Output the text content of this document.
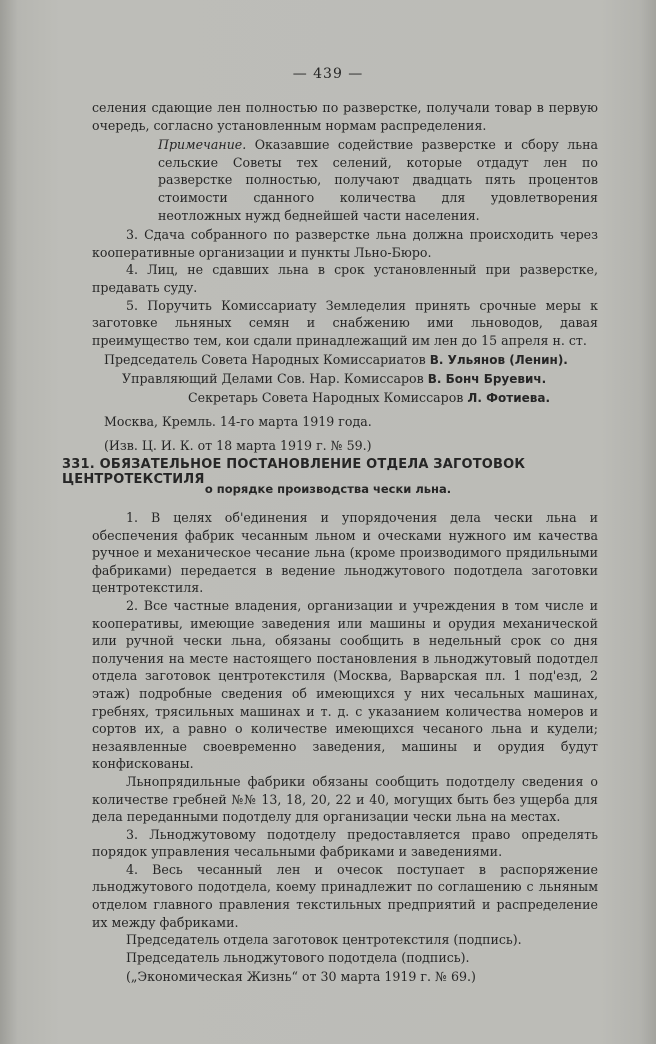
— 439 —

селения сдающие лен полностью по разверстке, получали товар в первую очередь, согласно установленным нормам распределения.

Примечание. Оказавшие содействие разверстке и сбору льна сельские Советы тех селений, которые отдадут лен по разверстке полностью, получают двадцать пять процентов стоимости сданного количества для удовлетворения неотложных нужд беднейшей части населения.

3. Сдача собранного по разверстке льна должна происходить через кооперативные организации и пункты Льно-Бюро.

4. Лиц, не сдавших льна в срок установленный при разверстке, предавать суду.

5. Поручить Комиссариату Земледелия принять срочные меры к заготовке льняных семян и снабжению ими льноводов, давая преимущество тем, кои сдали принадлежащий им лен до 15 апреля н. ст.

Председатель Совета Народных Комиссариатов В. Ульянов (Ленин).

Управляющий Делами Сов. Нар. Комиссаров В. Бонч Бруевич.

Секретарь Совета Народных Комиссаров Л. Фотиева.

Москва, Кремль. 14-го марта 1919 года.

(Изв. Ц. И. К. от 18 марта 1919 г. № 59.)

331. ОБЯЗАТЕЛЬНОЕ ПОСТАНОВЛЕНИЕ ОТДЕЛА ЗАГОТОВОК ЦЕНТРОТЕКСТИЛЯ
о порядке производства чески льна.

1. В целях об'единения и упорядочения дела чески льна и обеспечения фабрик чесанным льном и оческами нужного им качества ручное и механическое чесание льна (кроме производимого прядильными фабриками) передается в ведение льноджутового подотдела заготовки центротекстиля.

2. Все частные владения, организации и учреждения в том числе и кооперативы, имеющие заведения или машины и орудия механической или ручной чески льна, обязаны сообщить в недельный срок со дня получения на месте настоящего постановления в льноджутовый подотдел отдела заготовок центротекстиля (Москва, Варварская пл. 1 под'езд, 2 этаж) подробные сведения об имеющихся у них чесальных машинах, гребнях, трясильных машинах и т. д. с указанием количества номеров и сортов их, а равно о количестве имеющихся чесаного льна и кудели; незаявленные своевременно заведения, машины и орудия будут конфискованы.

Льнопрядильные фабрики обязаны сообщить подотделу сведения о количестве гребней №№ 13, 18, 20, 22 и 40, могущих быть без ущерба для дела переданными подотделу для организации чески льна на местах.

3. Льноджутовому подотделу предоставляется право определять порядок управления чесальными фабриками и заведениями.

4. Весь чесанный лен и очесок поступает в распоряжение льноджутового подотдела, коему принадлежит по соглашению с льняным отделом главного правления текстильных предприятий и распределение их между фабриками.

Председатель отдела заготовок центротекстиля (подпись).

Председатель льноджутового подотдела (подпись).

(„Экономическая Жизнь“ от 30 марта 1919 г. № 69.)
